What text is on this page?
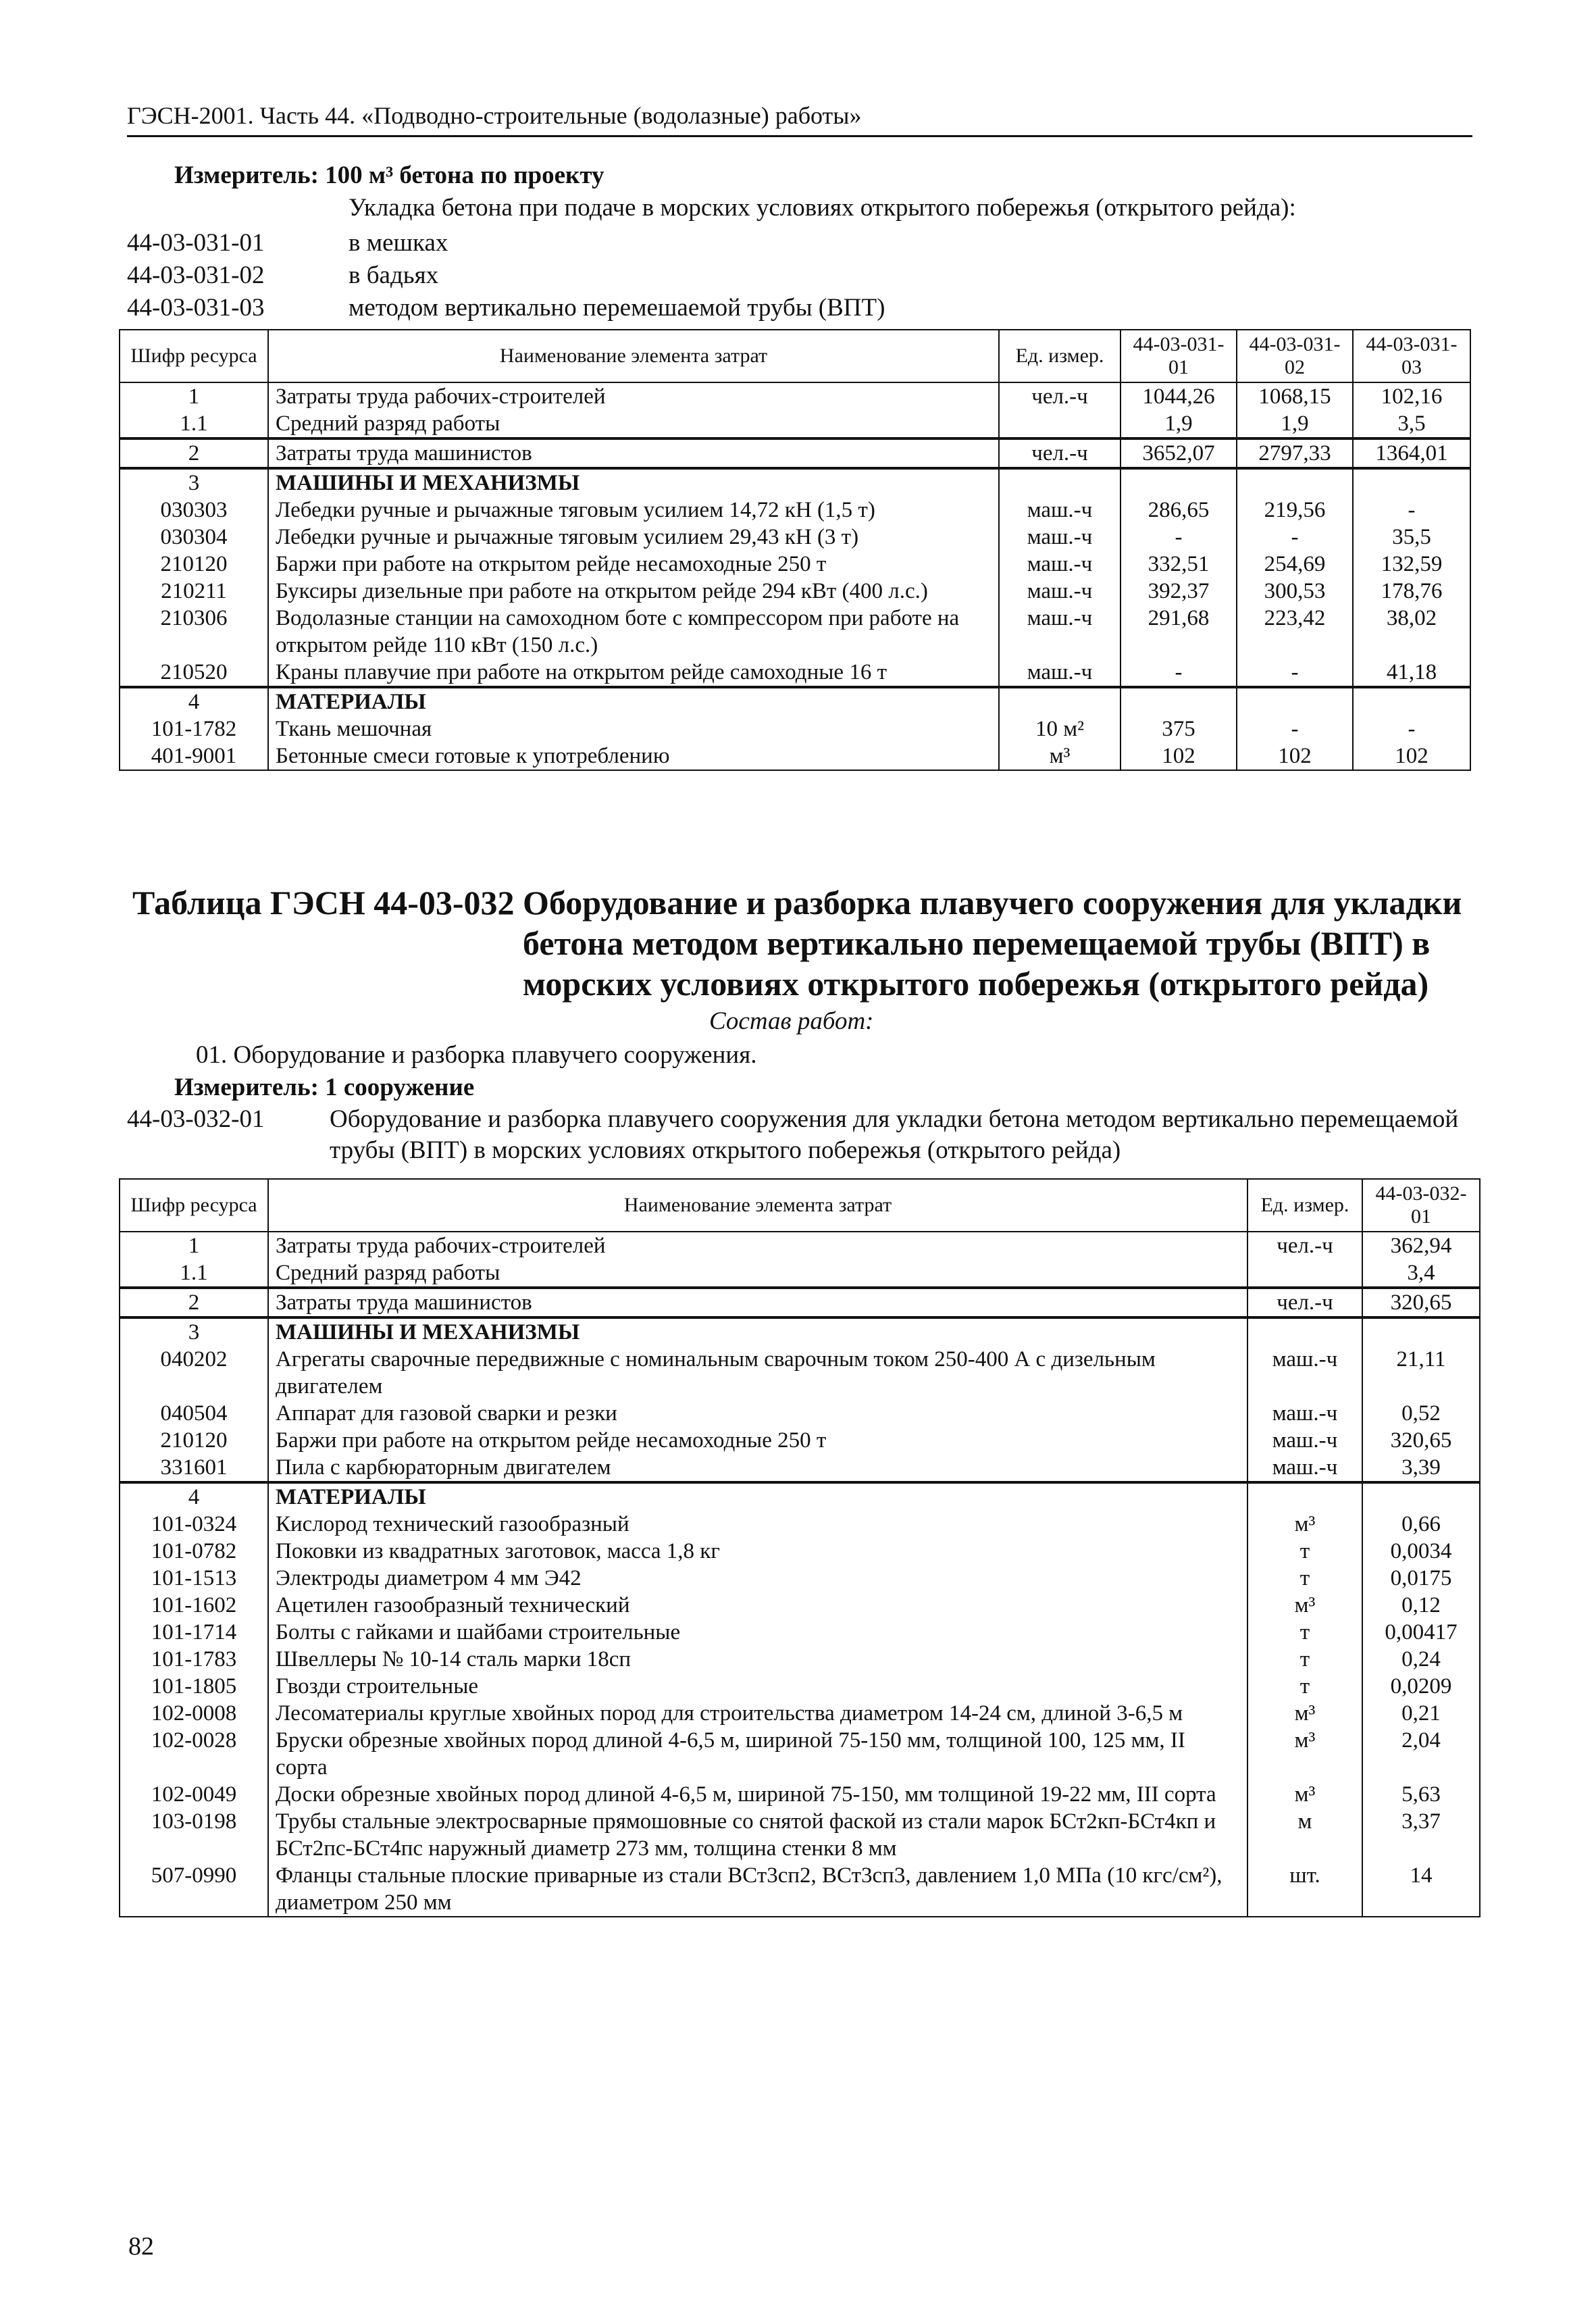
ГЭСН-2001. Часть 44. «Подводно-строительные (водолазные) работы»
Измеритель: 100 м³ бетона по проекту
Укладка бетона при подаче в морских условиях открытого побережья (открытого рейда):
44-03-031-01	в мешках
44-03-031-02	в бадьях
44-03-031-03	методом вертикально перемешаемой трубы (ВПТ)
Шифр ресурса	Наименование элемента затрат	Ед. измер.	44-03-031-01	44-03-031-02	44-03-031-03
1	Затраты труда рабочих-строителей	чел.-ч	1044,26	1068,15	102,16
1.1	Средний разряд работы		1,9	1,9	3,5
2	Затраты труда машинистов	чел.-ч	3652,07	2797,33	1364,01
3	МАШИНЫ И МЕХАНИЗМЫ				
030303	Лебедки ручные и рычажные тяговым усилием 14,72 кН (1,5 т)	маш.-ч	286,65	219,56	-
030304	Лебедки ручные и рычажные тяговым усилием 29,43 кН (3 т)	маш.-ч	-	-	35,5
210120	Баржи при работе на открытом рейде несамоходные 250 т	маш.-ч	332,51	254,69	132,59
210211	Буксиры дизельные при работе на открытом рейде 294 кВт (400 л.с.)	маш.-ч	392,37	300,53	178,76
210306	Водолазные станции на самоходном боте с компрессором при работе на открытом рейде 110 кВт (150 л.с.)	маш.-ч	291,68	223,42	38,02
210520	Краны плавучие при работе на открытом рейде самоходные 16 т	маш.-ч	-	-	41,18
4	МАТЕРИАЛЫ				
101-1782	Ткань мешочная	10 м²	375	-	-
401-9001	Бетонные смеси готовые к употреблению	м³	102	102	102
Таблица ГЭСН 44-03-032 Оборудование и разборка плавучего сооружения для укладки
бетона методом вертикально перемещаемой трубы (ВПТ) в
морских условиях открытого побережья (открытого рейда)
Состав работ:
01. Оборудование и разборка плавучего сооружения.
Измеритель: 1 сооружение
44-03-032-01	Оборудование и разборка плавучего сооружения для укладки бетона методом вертикально перемещаемой трубы (ВПТ) в морских условиях открытого побережья (открытого рейда)
Шифр ресурса	Наименование элемента затрат	Ед. измер.	44-03-032-01
1	Затраты труда рабочих-строителей	чел.-ч	362,94
1.1	Средний разряд работы		3,4
2	Затраты труда машинистов	чел.-ч	320,65
3	МАШИНЫ И МЕХАНИЗМЫ		
040202	Агрегаты сварочные передвижные с номинальным сварочным током 250-400 А с дизельным двигателем	маш.-ч	21,11
040504	Аппарат для газовой сварки и резки	маш.-ч	0,52
210120	Баржи при работе на открытом рейде несамоходные 250 т	маш.-ч	320,65
331601	Пила с карбюраторным двигателем	маш.-ч	3,39
4	МАТЕРИАЛЫ		
101-0324	Кислород технический газообразный	м³	0,66
101-0782	Поковки из квадратных заготовок, масса 1,8 кг	т	0,0034
101-1513	Электроды диаметром 4 мм Э42	т	0,0175
101-1602	Ацетилен газообразный технический	м³	0,12
101-1714	Болты с гайками и шайбами строительные	т	0,00417
101-1783	Швеллеры № 10-14 сталь марки 18сп	т	0,24
101-1805	Гвозди строительные	т	0,0209
102-0008	Лесоматериалы круглые хвойных пород для строительства диаметром 14-24 см, длиной 3-6,5 м	м³	0,21
102-0028	Бруски обрезные хвойных пород длиной 4-6,5 м, шириной 75-150 мм, толщиной 100, 125 мм, II сорта	м³	2,04
102-0049	Доски обрезные хвойных пород длиной 4-6,5 м, шириной 75-150, мм толщиной 19-22 мм, III сорта	м³	5,63
103-0198	Трубы стальные электросварные прямошовные со снятой фаской из стали марок БСт2кп-БСт4кп и БСт2пс-БСт4пс наружный диаметр 273 мм, толщина стенки 8 мм	м	3,37
507-0990	Фланцы стальные плоские приварные из стали ВСт3сп2, ВСт3сп3, давлением 1,0 МПа (10 кгс/см²), диаметром 250 мм	шт.	14
82
